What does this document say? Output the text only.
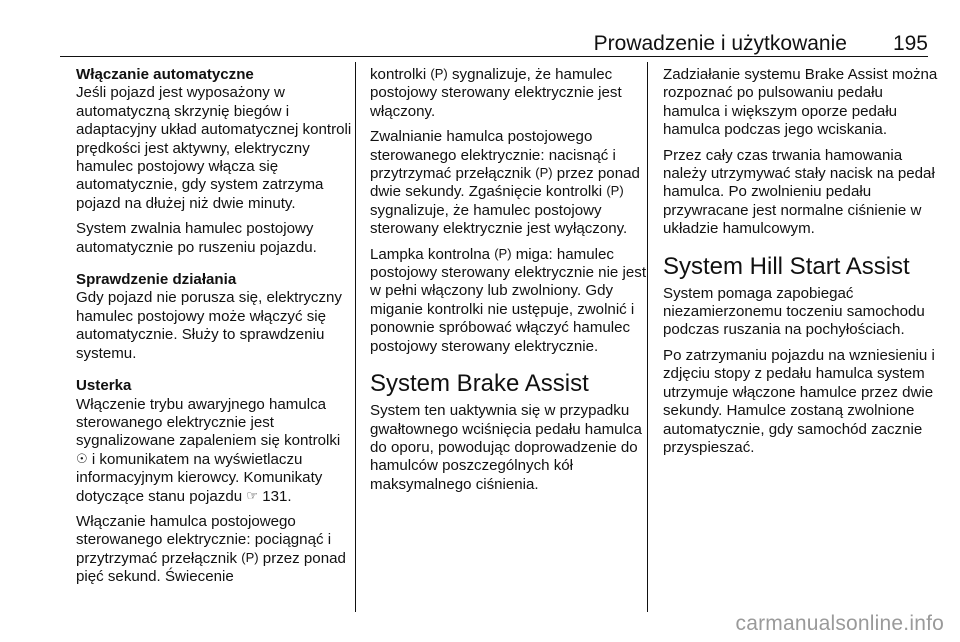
Prowadzenie i użytkowanie 195

Włączanie automatyczne

Jeśli pojazd jest wyposażony w automatyczną skrzynię biegów i adaptacyjny układ automatycznej kontroli prędkości jest aktywny, elektryczny hamulec postojowy włącza się automatycznie, gdy system zatrzyma pojazd na dłużej niż dwie minuty.

System zwalnia hamulec postojowy automatycznie po ruszeniu pojazdu.

Sprawdzenie działania

Gdy pojazd nie porusza się, elektryczny hamulec postojowy może włączyć się automatycznie. Służy to sprawdzeniu systemu.

Usterka

Włączenie trybu awaryjnego hamulca sterowanego elektrycznie jest sygnalizowane zapaleniem się kontrolki ☉ i komunikatem na wyświetlaczu informacyjnym kierowcy. Komunikaty dotyczące stanu pojazdu ☞ 131.

Włączanie hamulca postojowego sterowanego elektrycznie: pociągnąć i przytrzymać przełącznik (P) przez ponad pięć sekund. Świecenie

kontrolki (P) sygnalizuje, że hamulec postojowy sterowany elektrycznie jest włączony.

Zwalnianie hamulca postojowego sterowanego elektrycznie: nacisnąć i przytrzymać przełącznik (P) przez ponad dwie sekundy. Zgaśnięcie kontrolki (P) sygnalizuje, że hamulec postojowy sterowany elektrycznie jest wyłączony.

Lampka kontrolna (P) miga: hamulec postojowy sterowany elektrycznie nie jest w pełni włączony lub zwolniony. Gdy miganie kontrolki nie ustępuje, zwolnić i ponownie spróbować włączyć hamulec postojowy sterowany elektrycznie.

System Brake Assist

System ten uaktywnia się w przypadku gwałtownego wciśnięcia pedału hamulca do oporu, powodując doprowadzenie do hamulców poszczególnych kół maksymalnego ciśnienia.

Zadziałanie systemu Brake Assist można rozpoznać po pulsowaniu pedału hamulca i większym oporze pedału hamulca podczas jego wciskania.

Przez cały czas trwania hamowania należy utrzymywać stały nacisk na pedał hamulca. Po zwolnieniu pedału przywracane jest normalne ciśnienie w układzie hamulcowym.

System Hill Start Assist

System pomaga zapobiegać niezamierzonemu toczeniu samochodu podczas ruszania na pochyłościach.

Po zatrzymaniu pojazdu na wzniesieniu i zdjęciu stopy z pedału hamulca system utrzymuje włączone hamulce przez dwie sekundy. Hamulce zostaną zwolnione automatycznie, gdy samochód zacznie przyspieszać.

carmanualsonline.info
